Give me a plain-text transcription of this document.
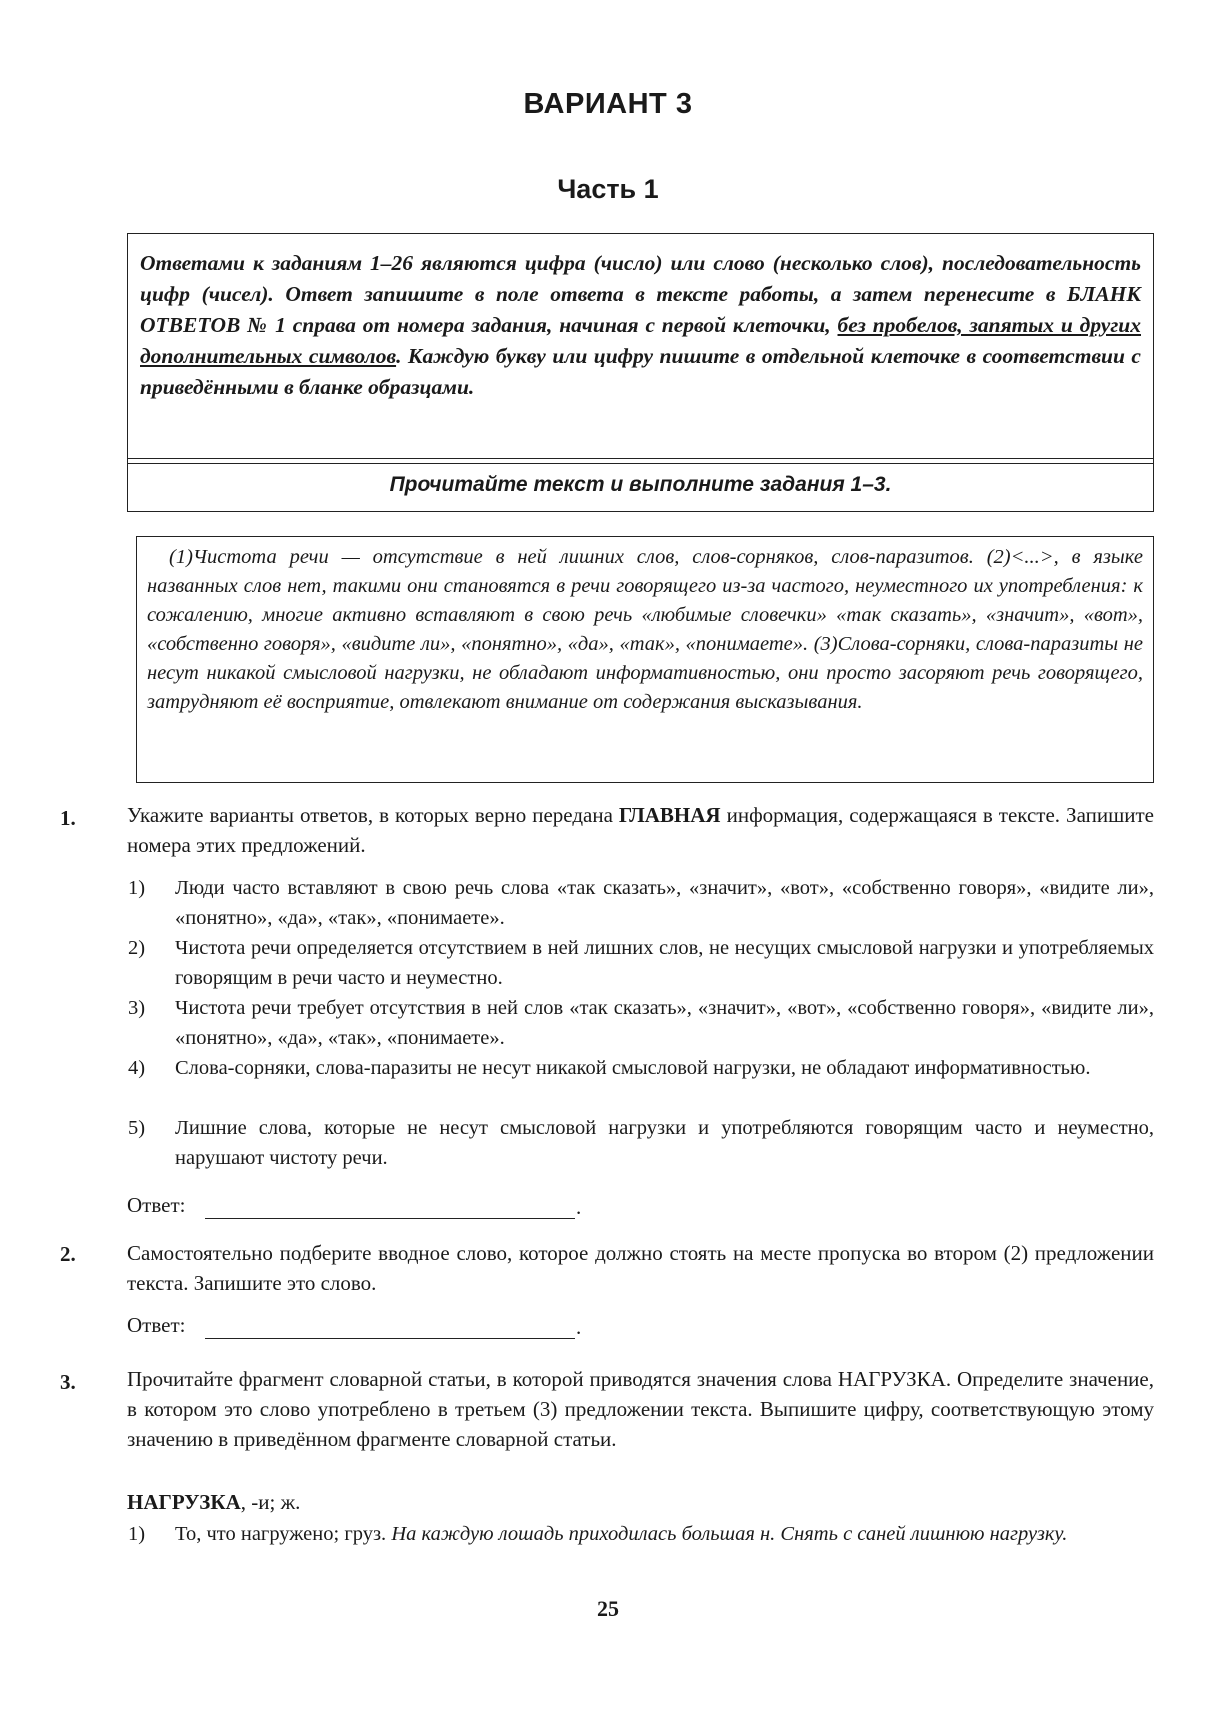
ВАРИАНТ 3
Часть 1
Ответами к заданиям 1–26 являются цифра (число) или слово (несколько слов), последовательность цифр (чисел). Ответ запишите в поле ответа в тексте работы, а затем перенесите в БЛАНК ОТВЕТОВ № 1 справа от номера задания, начиная с первой клеточки, без пробелов, запятых и других дополнительных символов. Каждую букву или цифру пишите в отдельной клеточке в соответствии с приведёнными в бланке образцами.
Прочитайте текст и выполните задания 1–3.
(1)Чистота речи — отсутствие в ней лишних слов, слов-сорняков, слов-паразитов. (2)<...>, в языке названных слов нет, такими они становятся в речи говорящего из-за частого, неуместного их употребления: к сожалению, многие активно вставляют в свою речь «любимые словечки» «так сказать», «значит», «вот», «собственно говоря», «видите ли», «понятно», «да», «так», «понимаете». (3)Слова-сорняки, слова-паразиты не несут никакой смысловой нагрузки, не обладают информативностью, они просто засоряют речь говорящего, затрудняют её восприятие, отвлекают внимание от содержания высказывания.
1. Укажите варианты ответов, в которых верно передана ГЛАВНАЯ информация, содержащаяся в тексте. Запишите номера этих предложений.
1) Люди часто вставляют в свою речь слова «так сказать», «значит», «вот», «собственно говоря», «видите ли», «понятно», «да», «так», «понимаете».
2) Чистота речи определяется отсутствием в ней лишних слов, не несущих смысловой нагрузки и употребляемых говорящим в речи часто и неуместно.
3) Чистота речи требует отсутствия в ней слов «так сказать», «значит», «вот», «собственно говоря», «видите ли», «понятно», «да», «так», «понимаете».
4) Слова-сорняки, слова-паразиты не несут никакой смысловой нагрузки, не обладают информативностью.
5) Лишние слова, которые не несут смысловой нагрузки и употребляются говорящим часто и неуместно, нарушают чистоту речи.
Ответ:	.
2. Самостоятельно подберите вводное слово, которое должно стоять на месте пропуска во втором (2) предложении текста. Запишите это слово.
Ответ:	.
3. Прочитайте фрагмент словарной статьи, в которой приводятся значения слова НАГРУЗКА. Определите значение, в котором это слово употреблено в третьем (3) предложении текста. Выпишите цифру, соответствующую этому значению в приведённом фрагменте словарной статьи.
НАГРУЗКА, -и; ж.
1) То, что нагружено; груз. На каждую лошадь приходилась большая н. Снять с саней лишнюю нагрузку.
25
